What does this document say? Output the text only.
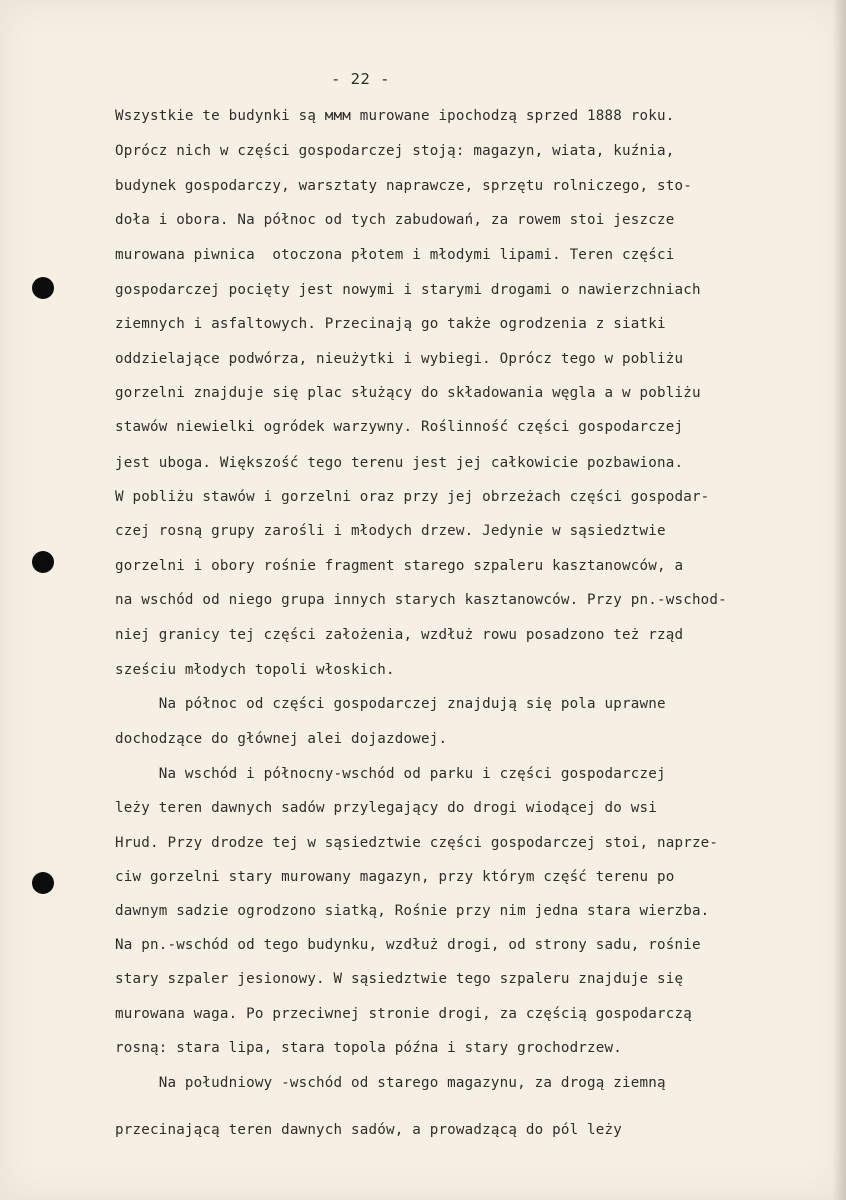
- 22 -

Wszystkie te budynki są ммм murowane ipochodzą sprzed 1888 roku.

Oprócz nich w części gospodarczej stoją: magazyn, wiata, kuźnia,

budynek gospodarczy, warsztaty naprawcze, sprzętu rolniczego, sto-

doła i obora. Na północ od tych zabudowań, za rowem stoi jeszcze

murowana piwnica  otoczona płotem i młodymi lipami. Teren części

gospodarczej pocięty jest nowymi i starymi drogami o nawierzchniach

ziemnych i asfaltowych. Przecinają go także ogrodzenia z siatki

oddzielające podwórza, nieużytki i wybiegi. Oprócz tego w pobliżu

gorzelni znajduje się plac służący do składowania węgla a w pobliżu

stawów niewielki ogródek warzywny. Roślinność części gospodarczej

jest uboga. Większość tego terenu jest jej całkowicie pozbawiona.

W pobliżu stawów i gorzelni oraz przy jej obrzeżach części gospodar-

czej rosną grupy zarośli i młodych drzew. Jedynie w sąsiedztwie

gorzelni i obory rośnie fragment starego szpaleru kasztanowców, a

na wschód od niego grupa innych starych kasztanowców. Przy pn.-wschod-

niej granicy tej części założenia, wzdłuż rowu posadzono też rząd

sześciu młodych topoli włoskich.

Na północ od części gospodarczej znajdują się pola uprawne

dochodzące do głównej alei dojazdowej.

Na wschód i północny-wschód od parku i części gospodarczej

leży teren dawnych sadów przylegający do drogi wiodącej do wsi

Hrud. Przy drodze tej w sąsiedztwie części gospodarczej stoi, naprze-

ciw gorzelni stary murowany magazyn, przy którym część terenu po

dawnym sadzie ogrodzono siatką, Rośnie przy nim jedna stara wierzba.

Na pn.-wschód od tego budynku, wzdłuż drogi, od strony sadu, rośnie

stary szpaler jesionowy. W sąsiedztwie tego szpaleru znajduje się

murowana waga. Po przeciwnej stronie drogi, za częścią gospodarczą

rosną: stara lipa, stara topola późna i stary grochodrzew.

Na południowy -wschód od starego magazynu, za drogą ziemną

przecinającą teren dawnych sadów, a prowadzącą do pól leży
